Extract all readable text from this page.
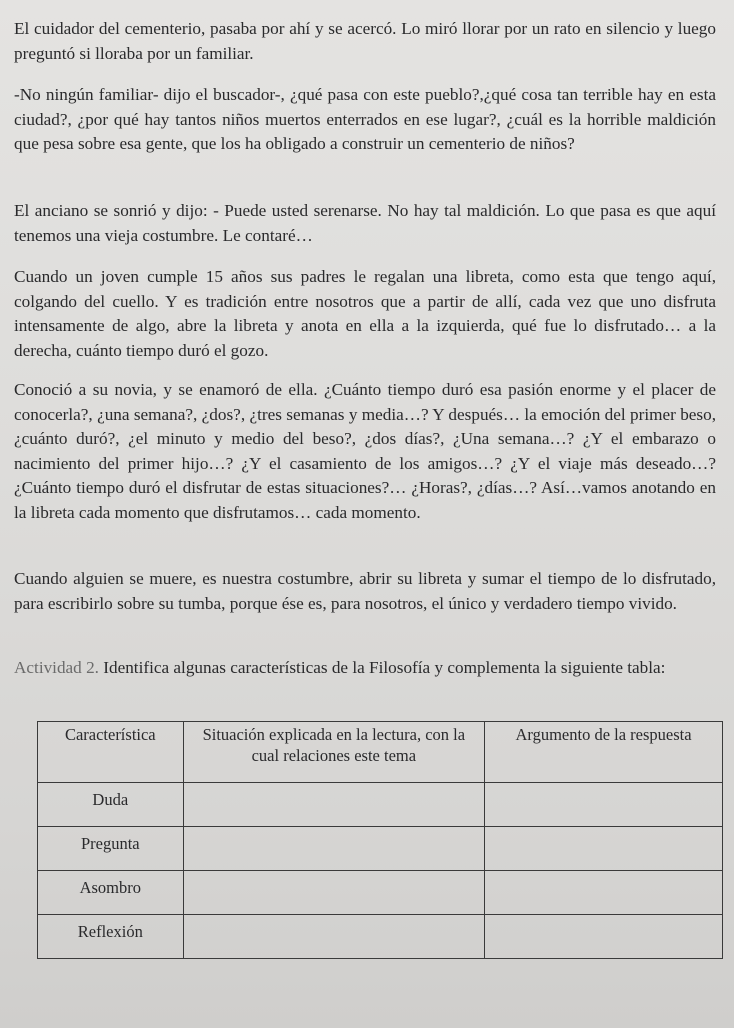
El cuidador del cementerio, pasaba por ahí y se acercó. Lo miró llorar por un rato en silencio y luego preguntó si lloraba por un familiar.

-No ningún familiar- dijo el buscador-, ¿qué pasa con este pueblo?,¿qué cosa tan terrible hay en esta ciudad?, ¿por qué hay tantos niños muertos enterrados en ese lugar?, ¿cuál es la horrible maldición que pesa sobre esa gente, que los ha obligado a construir un cementerio de niños?

El anciano se sonrió y dijo: - Puede usted serenarse. No hay tal maldición. Lo que pasa es que aquí tenemos una vieja costumbre. Le contaré…

Cuando un joven cumple 15 años sus padres le regalan una libreta, como esta que tengo aquí, colgando del cuello. Y es tradición entre nosotros que a partir de allí, cada vez que uno disfruta intensamente de algo, abre la libreta y anota en ella a la izquierda, qué fue lo disfrutado… a la derecha, cuánto tiempo duró el gozo.

Conoció a su novia, y se enamoró de ella. ¿Cuánto tiempo duró esa pasión enorme y el placer de conocerla?, ¿una semana?, ¿dos?, ¿tres semanas y media…? Y después… la emoción del primer beso, ¿cuánto duró?, ¿el minuto y medio del beso?, ¿dos días?, ¿Una semana…? ¿Y el embarazo o nacimiento del primer hijo…? ¿Y el casamiento de los amigos…? ¿Y el viaje más deseado…? ¿Cuánto tiempo duró el disfrutar de estas situaciones?… ¿Horas?, ¿días…? Así…vamos anotando en la libreta cada momento que disfrutamos… cada momento.

Cuando alguien se muere, es nuestra costumbre, abrir su libreta y sumar el tiempo de lo disfrutado, para escribirlo sobre su tumba, porque ése es, para nosotros, el único y verdadero tiempo vivido.

Actividad 2. Identifica algunas características de la Filosofía y complementa la siguiente tabla:

Característica	Situación explicada en la lectura, con la cual relaciones este tema	Argumento de la respuesta
Duda		
Pregunta		
Asombro		
Reflexión		
